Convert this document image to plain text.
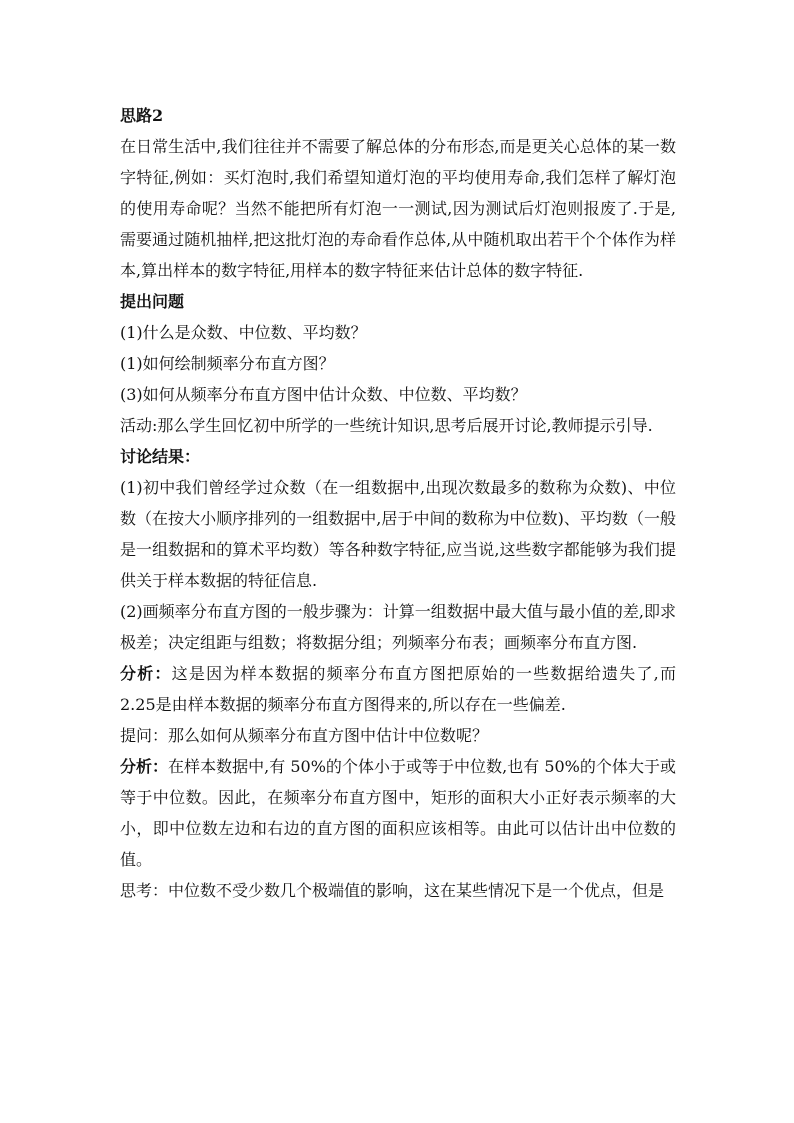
思路2

在日常生活中,我们往往并不需要了解总体的分布形态,而是更关心总体的某一数字特征,例如：买灯泡时,我们希望知道灯泡的平均使用寿命,我们怎样了解灯泡的使用寿命呢？当然不能把所有灯泡一一测试,因为测试后灯泡则报废了.于是,需要通过随机抽样,把这批灯泡的寿命看作总体,从中随机取出若干个个体作为样本,算出样本的数字特征,用样本的数字特征来估计总体的数字特征.

提出问题

(1)什么是众数、中位数、平均数？

(1)如何绘制频率分布直方图？

(3)如何从频率分布直方图中估计众数、中位数、平均数？

活动:那么学生回忆初中所学的一些统计知识,思考后展开讨论,教师提示引导.

讨论结果：

(1)初中我们曾经学过众数（在一组数据中,出现次数最多的数称为众数)、中位数（在按大小顺序排列的一组数据中,居于中间的数称为中位数)、平均数（一般是一组数据和的算术平均数）等各种数字特征,应当说,这些数字都能够为我们提供关于样本数据的特征信息.

(2)画频率分布直方图的一般步骤为：计算一组数据中最大值与最小值的差,即求极差；决定组距与组数；将数据分组；列频率分布表；画频率分布直方图.

分析：这是因为样本数据的频率分布直方图把原始的一些数据给遗失了,而 2.25是由样本数据的频率分布直方图得来的,所以存在一些偏差.

提问：那么如何从频率分布直方图中估计中位数呢？

分析：在样本数据中,有 50%的个体小于或等于中位数,也有 50%的个体大于或等于中位数。因此，在频率分布直方图中，矩形的面积大小正好表示频率的大小，即中位数左边和右边的直方图的面积应该相等。由此可以估计出中位数的值。

思考：中位数不受少数几个极端值的影响，这在某些情况下是一个优点，但是
